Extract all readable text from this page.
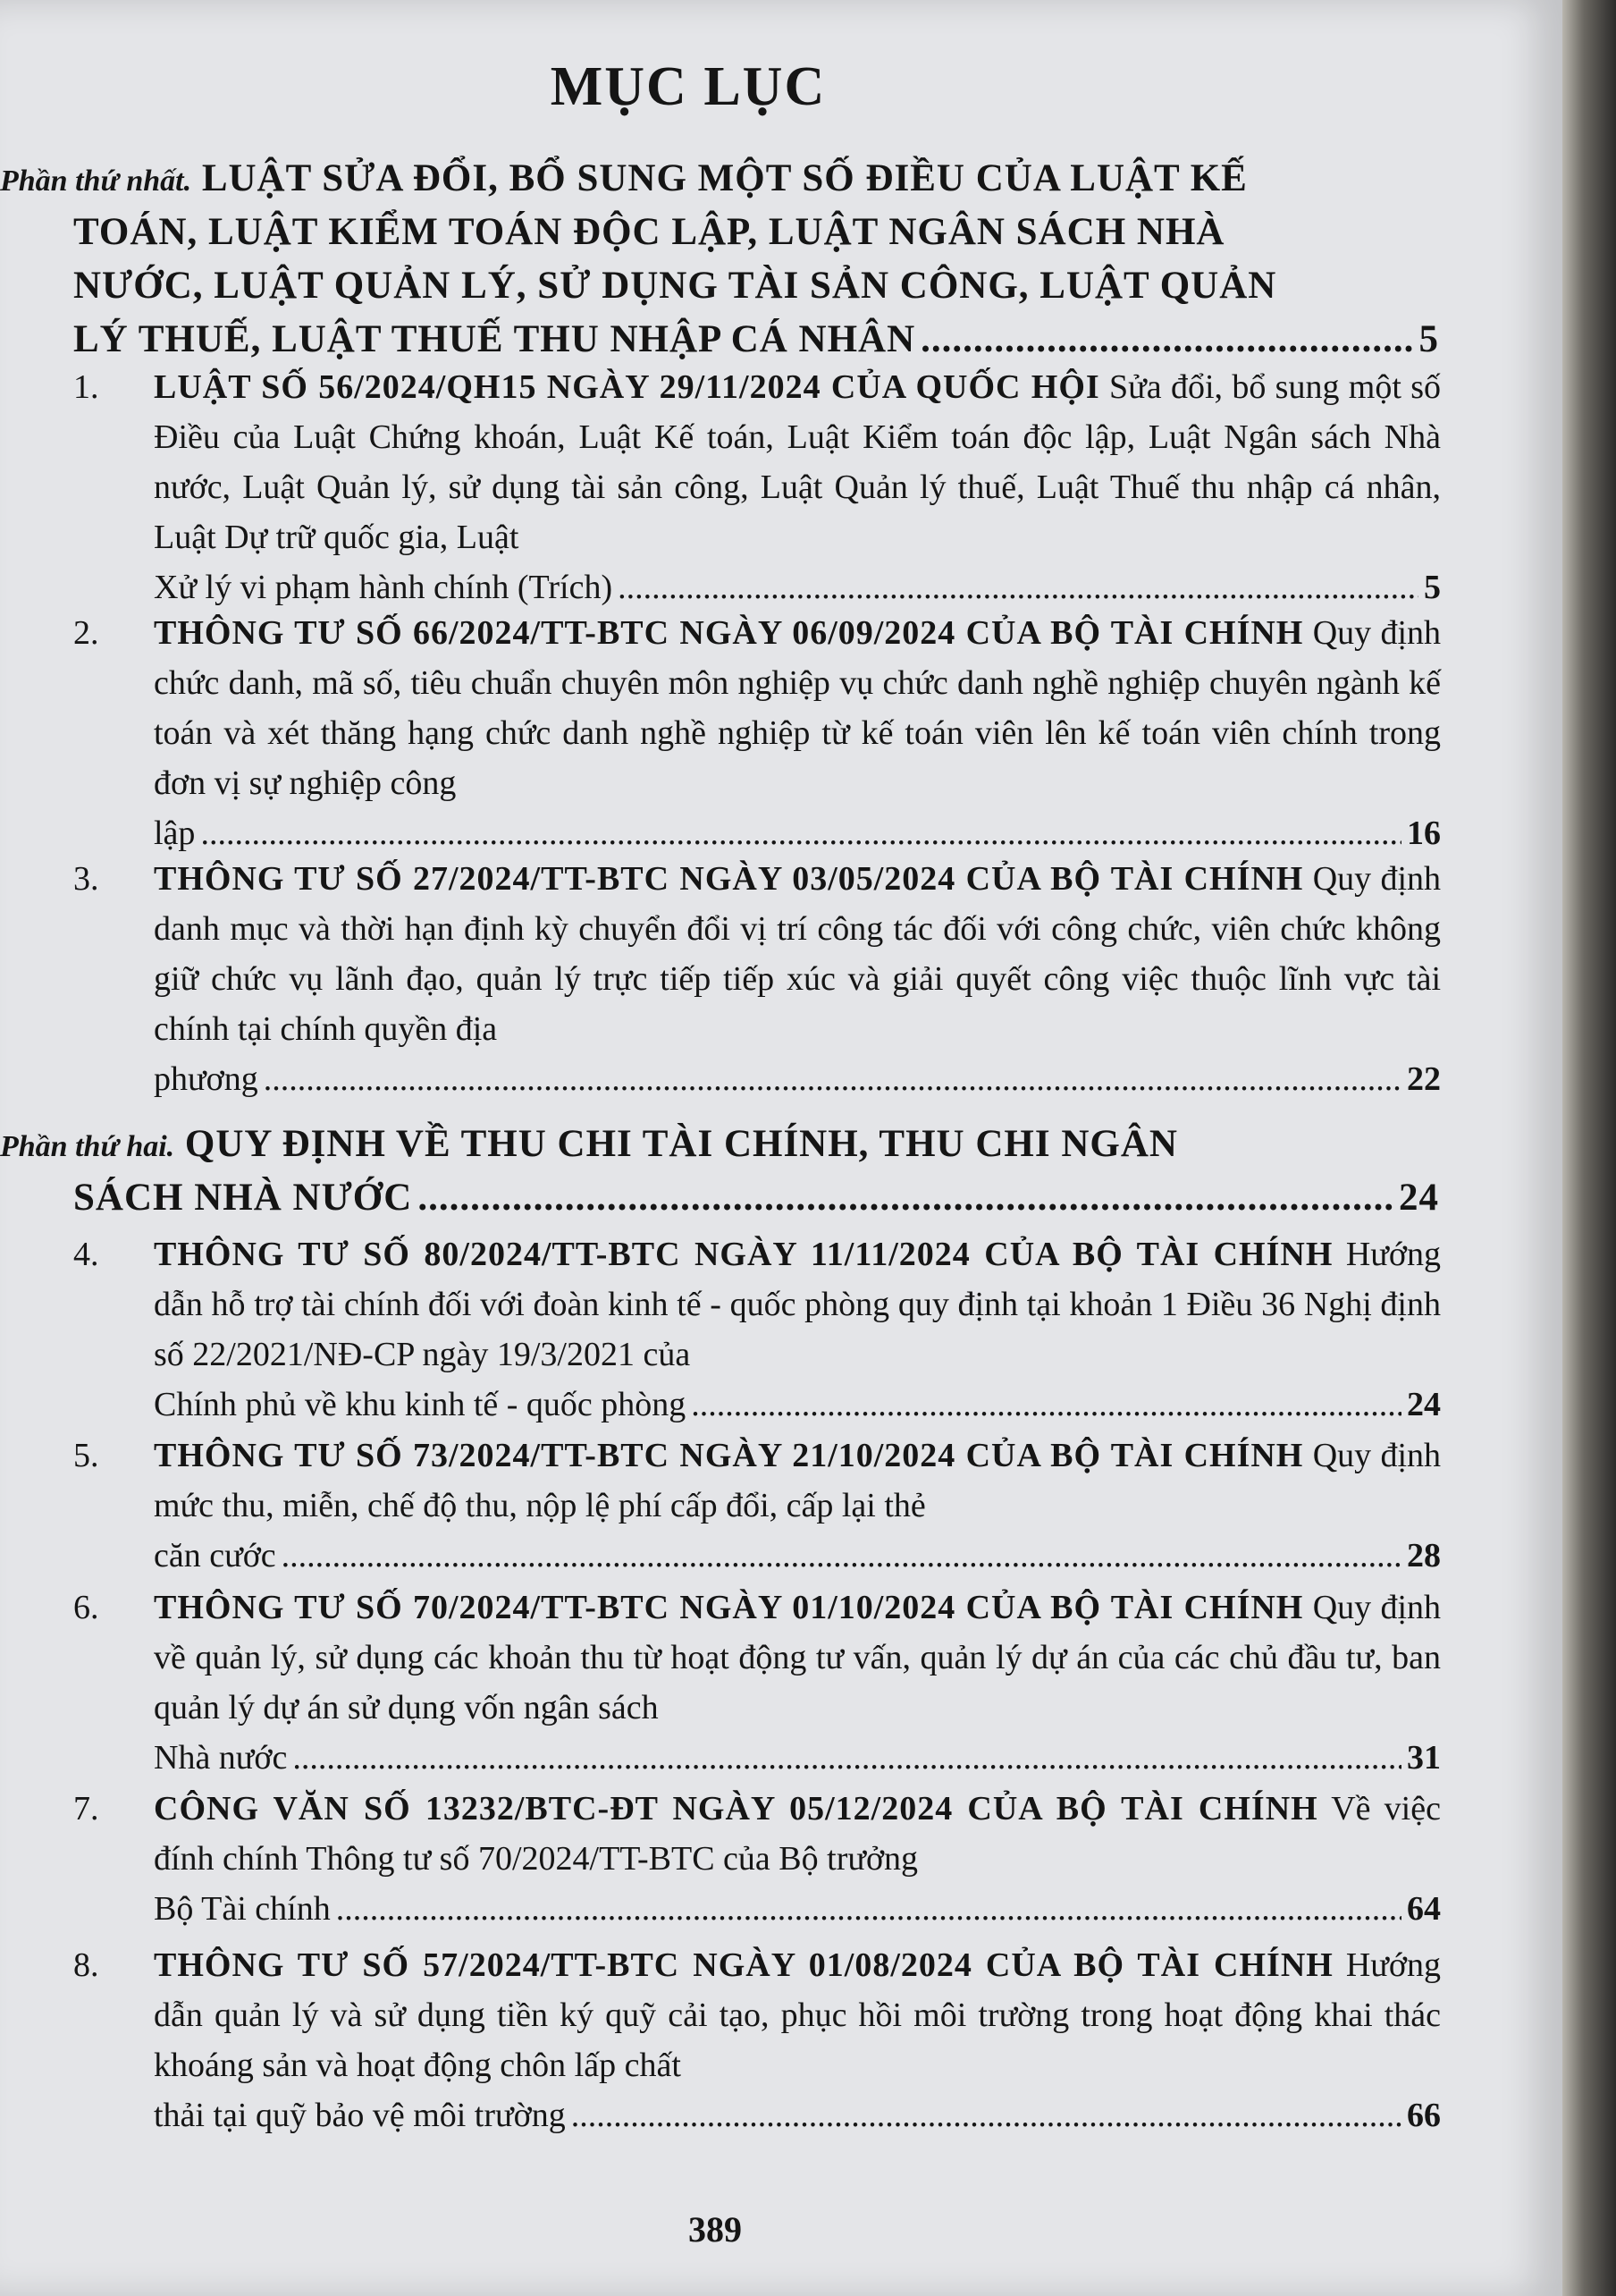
MỤC LỤC
Phần thứ nhất. LUẬT SỬA ĐỔI, BỔ SUNG MỘT SỐ ĐIỀU CỦA LUẬT KẾ
TOÁN, LUẬT KIỂM TOÁN ĐỘC LẬP, LUẬT NGÂN SÁCH NHÀ
NƯỚC, LUẬT QUẢN LÝ, SỬ DỤNG TÀI SẢN CÔNG, LUẬT QUẢN
LÝ THUẾ, LUẬT THUẾ THU NHẬP CÁ NHÂN .....	5
1.	LUẬT SỐ 56/2024/QH15 NGÀY 29/11/2024 CỦA QUỐC HỘI Sửa đổi, bổ sung một số Điều của Luật Chứng khoán, Luật Kế toán, Luật Kiểm toán độc lập, Luật Ngân sách Nhà nước, Luật Quản lý, sử dụng tài sản công, Luật Quản lý thuế, Luật Thuế thu nhập cá nhân, Luật Dự trữ quốc gia, Luật
Xử lý vi phạm hành chính (Trích) .....	5
2.	THÔNG TƯ SỐ 66/2024/TT-BTC NGÀY 06/09/2024 CỦA BỘ TÀI CHÍNH Quy định chức danh, mã số, tiêu chuẩn chuyên môn nghiệp vụ chức danh nghề nghiệp chuyên ngành kế toán và xét thăng hạng chức danh nghề nghiệp từ kế toán viên lên kế toán viên chính trong đơn vị sự nghiệp công
lập .....	16
3.	THÔNG TƯ SỐ 27/2024/TT-BTC NGÀY 03/05/2024 CỦA BỘ TÀI CHÍNH Quy định danh mục và thời hạn định kỳ chuyển đổi vị trí công tác đối với công chức, viên chức không giữ chức vụ lãnh đạo, quản lý trực tiếp tiếp xúc và giải quyết công việc thuộc lĩnh vực tài chính tại chính quyền địa
phương .....	22
Phần thứ hai. QUY ĐỊNH VỀ THU CHI TÀI CHÍNH, THU CHI NGÂN
SÁCH NHÀ NƯỚC .....	24
4.	THÔNG TƯ SỐ 80/2024/TT-BTC NGÀY 11/11/2024 CỦA BỘ TÀI CHÍNH Hướng dẫn hỗ trợ tài chính đối với đoàn kinh tế - quốc phòng quy định tại khoản 1 Điều 36 Nghị định số 22/2021/NĐ-CP ngày 19/3/2021 của
Chính phủ về khu kinh tế - quốc phòng .....	24
5.	THÔNG TƯ SỐ 73/2024/TT-BTC NGÀY 21/10/2024 CỦA BỘ TÀI CHÍNH Quy định mức thu, miễn, chế độ thu, nộp lệ phí cấp đổi, cấp lại thẻ
căn cước .....	28
6.	THÔNG TƯ SỐ 70/2024/TT-BTC NGÀY 01/10/2024 CỦA BỘ TÀI CHÍNH Quy định về quản lý, sử dụng các khoản thu từ hoạt động tư vấn, quản lý dự án của các chủ đầu tư, ban quản lý dự án sử dụng vốn ngân sách
Nhà nước .....	31
7.	CÔNG VĂN SỐ 13232/BTC-ĐT NGÀY 05/12/2024 CỦA BỘ TÀI CHÍNH Về việc đính chính Thông tư số 70/2024/TT-BTC của Bộ trưởng
Bộ Tài chính .....	64
8.	THÔNG TƯ SỐ 57/2024/TT-BTC NGÀY 01/08/2024 CỦA BỘ TÀI CHÍNH Hướng dẫn quản lý và sử dụng tiền ký quỹ cải tạo, phục hồi môi trường trong hoạt động khai thác khoáng sản và hoạt động chôn lấp chất
thải tại quỹ bảo vệ môi trường .....	66
389
